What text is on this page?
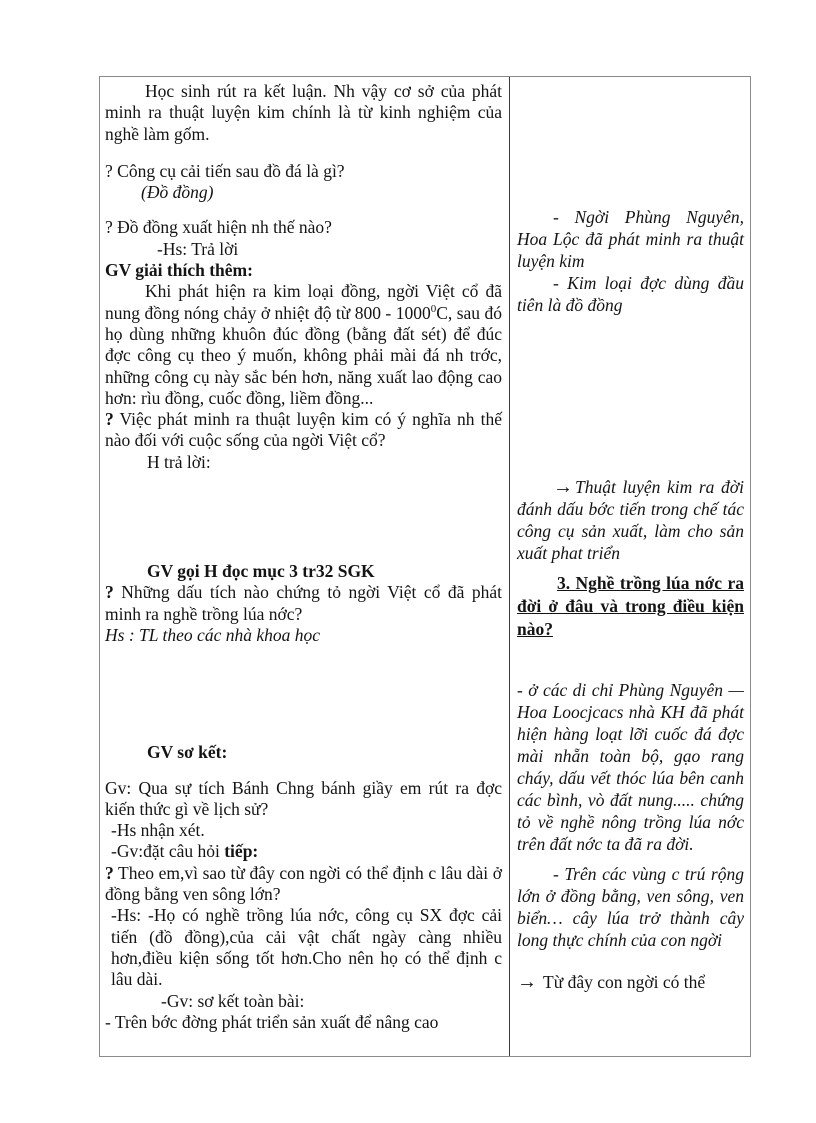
Học sinh rút ra kết luận. Nh vậy cơ sở của phát minh ra thuật luyện kim chính là từ kinh nghiệm của nghề làm gốm.

? Công cụ cải tiến sau đồ đá là gì?

(Đồ đồng)

? Đồ đồng xuất hiện nh thế nào?

-Hs: Trả lời

GV giải thích thêm:

Khi phát hiện ra kim loại đồng, ngời Việt cổ đã nung đồng nóng chảy ở nhiệt độ từ 800 - 1000$^0$C, sau đó họ dùng những khuôn đúc đồng (bằng đất sét) để đúc đợc công cụ theo ý muốn, không phải mài đá nh trớc, những công cụ này sắc bén hơn, năng xuất lao động cao hơn: rìu đồng, cuốc đồng, liềm đồng...

? Việc phát minh ra thuật luyện kim có ý nghĩa nh thế nào đối với cuộc sống của ngời Việt cổ?

H trả lời:

GV gọi H đọc mục 3 tr32 SGK

? Những dấu tích nào chứng tỏ ngời Việt cổ đã phát minh ra nghề trồng lúa nớc?

Hs : TL theo các nhà khoa học

GV sơ kết:

Gv: Qua sự tích Bánh Chng bánh giầy em rút ra đợc kiến thức gì về lịch sử?

-Hs nhận xét.

-Gv:đặt câu hỏi tiếp:

? Theo em,vì sao từ đây con ngời có thể định c lâu dài ở đồng bằng ven sông lớn?

-Hs: -Họ có nghề trồng lúa nớc, công cụ SX đợc cải tiến (đồ đồng),của cải vật chất ngày càng nhiều hơn,điều kiện sống tốt hơn.Cho nên họ có thể định c lâu dài.

-Gv: sơ kết toàn bài:

- Trên bớc đờng phát triển sản xuất để nâng cao

- Ngời Phùng Nguyên, Hoa Lộc đã phát minh ra thuật luyện kim

- Kim loại đợc dùng đầu tiên là đồ đồng

→ Thuật luyện kim ra đời đánh dấu bớc tiến trong chế tác công cụ sản xuất, làm cho sản xuất phat triển

3. Nghề trồng lúa nớc ra đời ở đâu và trong điều kiện nào?

- ở các di chỉ Phùng Nguyên — Hoa Loocjcacs nhà KH đã phát hiện hàng loạt lỡi cuốc đá đợc mài nhẵn toàn bộ, gạo rang cháy, dấu vết thóc lúa bên canh các bình, vò đất nung..... chứng tỏ về nghề nông trồng lúa nớc trên đất nớc ta đã ra đời.

- Trên các vùng c trú rộng lớn ở đồng bằng, ven sông, ven biển… cây lúa trở thành cây long thực chính của con ngời

→ Từ đây con ngời có thể
